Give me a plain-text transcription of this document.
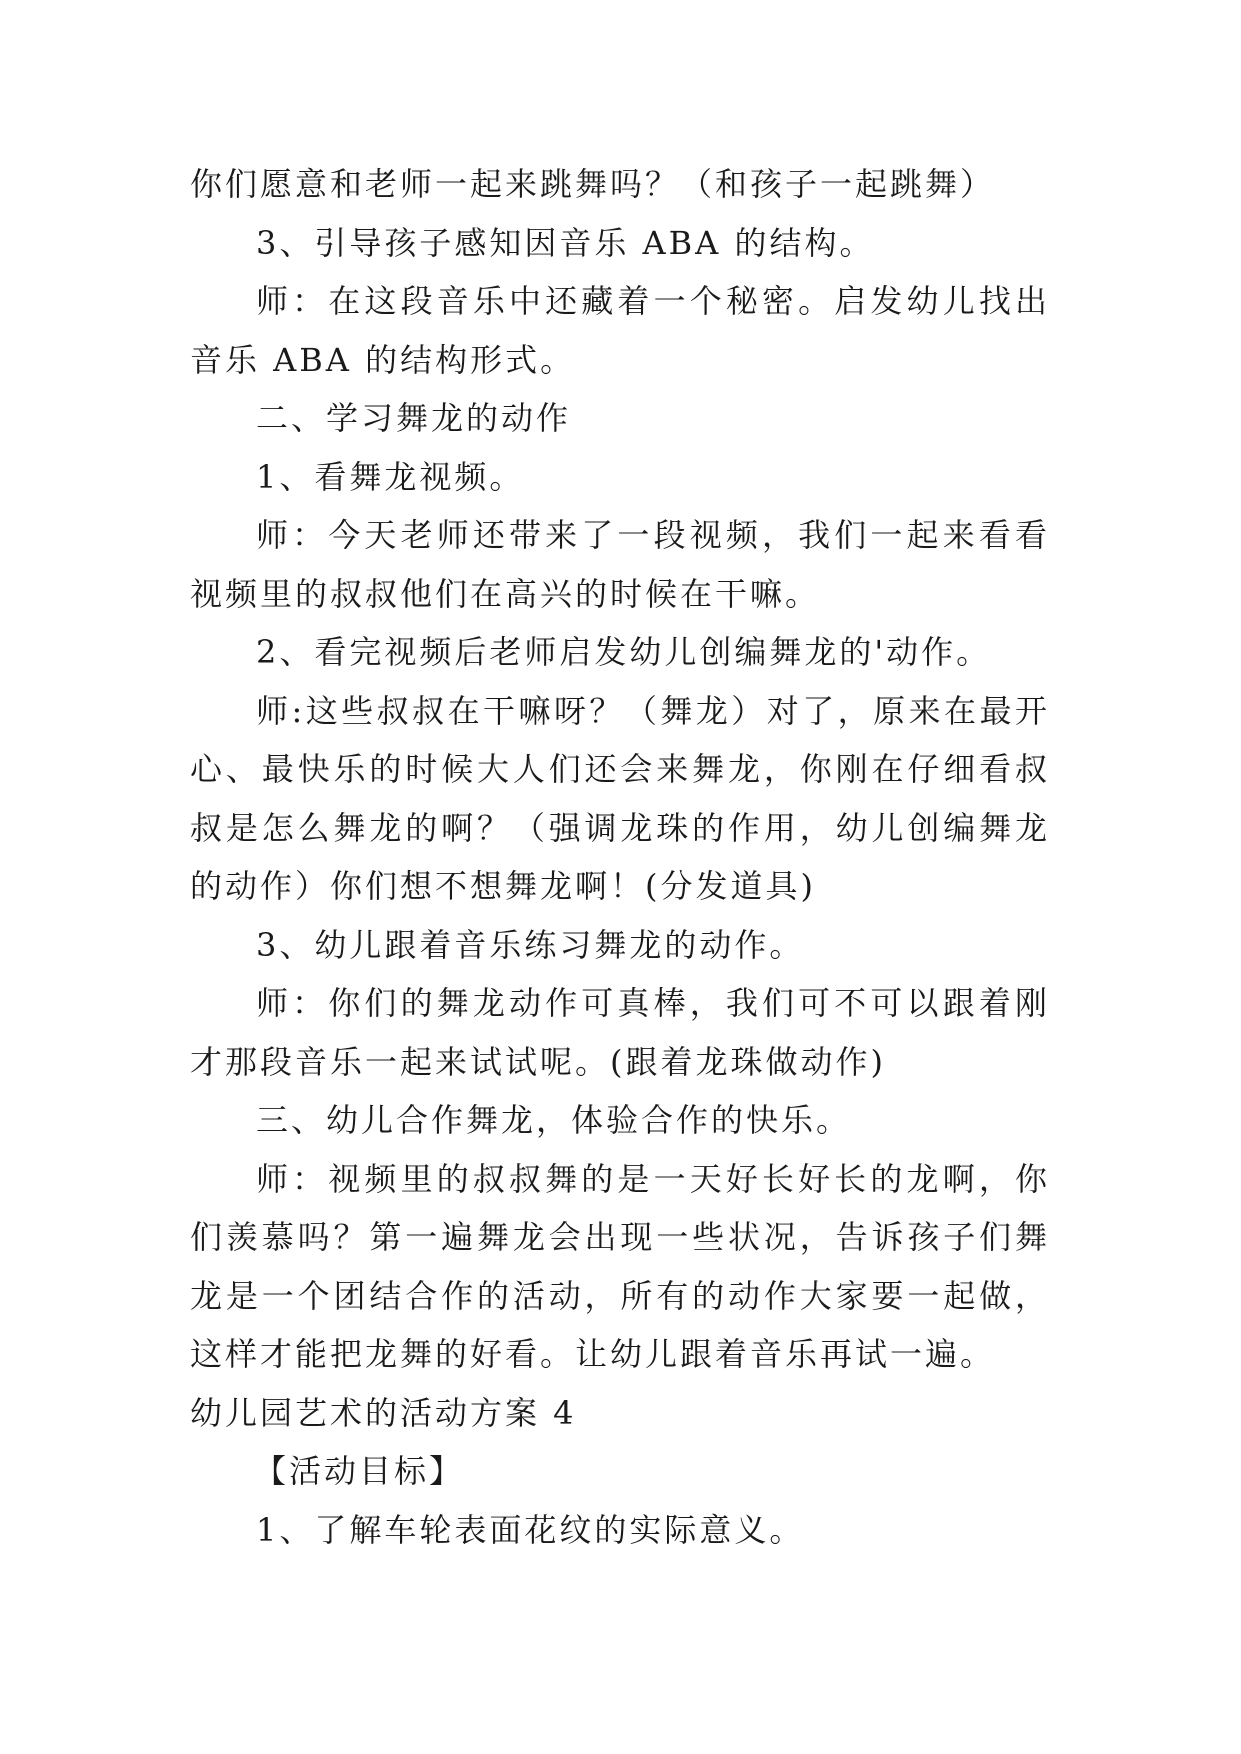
你们愿意和老师一起来跳舞吗？（和孩子一起跳舞）

3、引导孩子感知因音乐 ABA 的结构。

师：在这段音乐中还藏着一个秘密。启发幼儿找出音乐 ABA 的结构形式。

二、学习舞龙的动作

1、看舞龙视频。

师：今天老师还带来了一段视频，我们一起来看看视频里的叔叔他们在高兴的时候在干嘛。

2、看完视频后老师启发幼儿创编舞龙的'动作。

师:这些叔叔在干嘛呀？（舞龙）对了，原来在最开心、最快乐的时候大人们还会来舞龙，你刚在仔细看叔叔是怎么舞龙的啊？（强调龙珠的作用，幼儿创编舞龙的动作）你们想不想舞龙啊！(分发道具)

3、幼儿跟着音乐练习舞龙的动作。

师：你们的舞龙动作可真棒，我们可不可以跟着刚才那段音乐一起来试试呢。(跟着龙珠做动作)

三、幼儿合作舞龙，体验合作的快乐。

师：视频里的叔叔舞的是一天好长好长的龙啊，你们羡慕吗？第一遍舞龙会出现一些状况，告诉孩子们舞龙是一个团结合作的活动，所有的动作大家要一起做，这样才能把龙舞的好看。让幼儿跟着音乐再试一遍。

幼儿园艺术的活动方案 4

【活动目标】

1、了解车轮表面花纹的实际意义。
